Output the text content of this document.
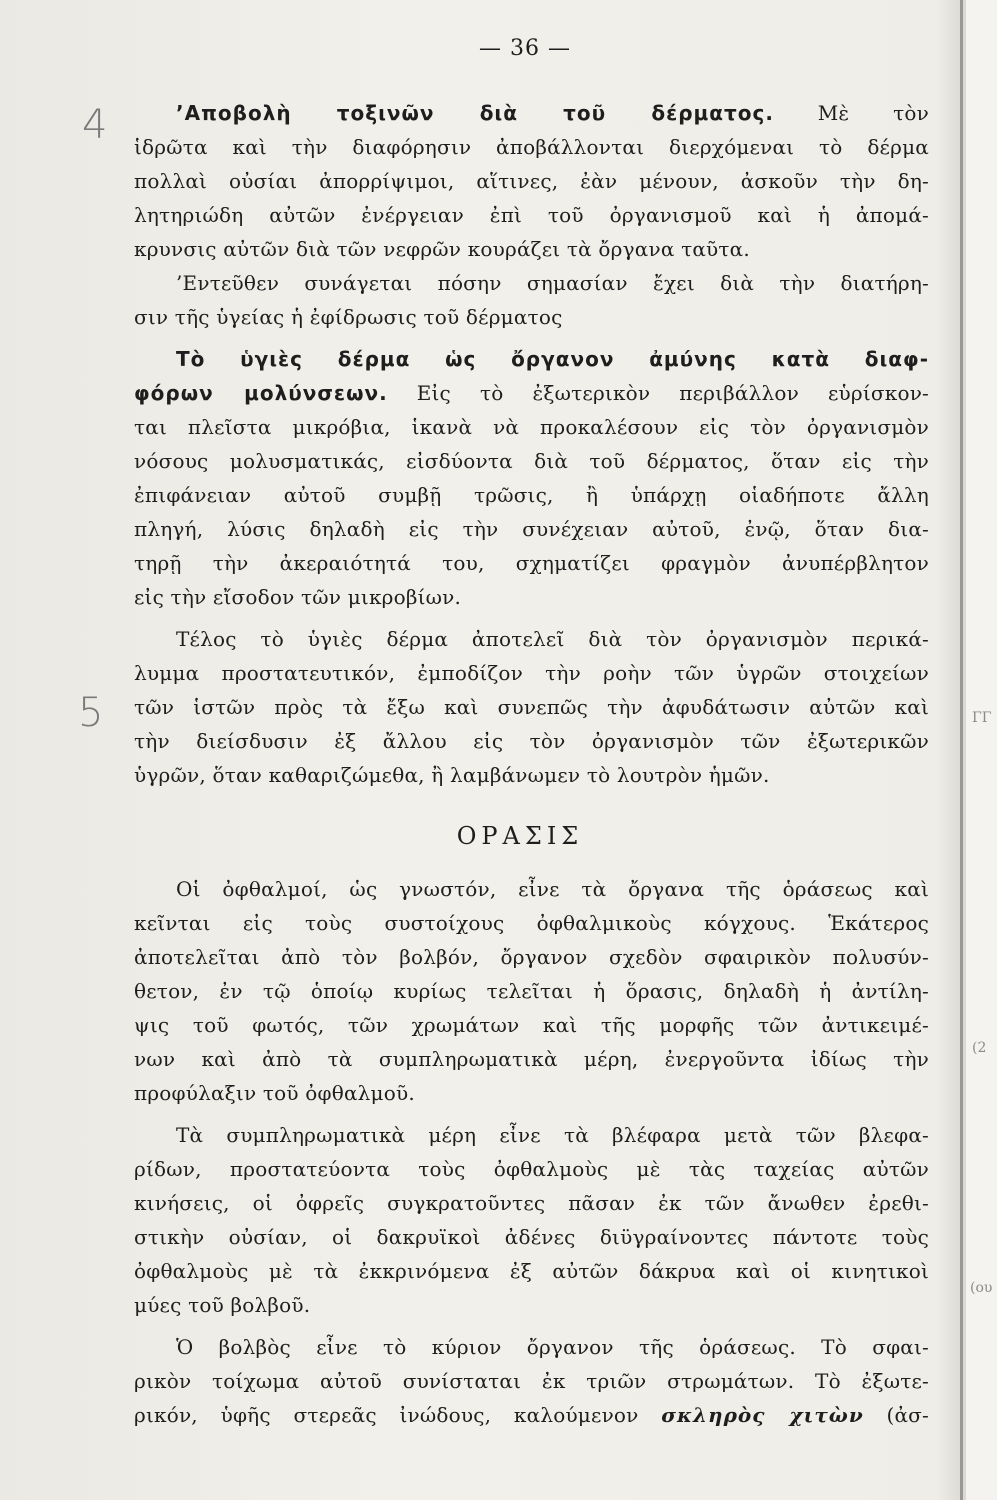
(2
ΓΓ
(ου
— 36 —
4
5
’Αποβολὴ τοξινῶν διὰ τοῦ δέρματος. Μὲ τὸν
ἱδρῶτα καὶ τὴν διαφόρησιν ἀποβάλλονται διερχόμεναι τὸ δέρμα
πολλαὶ οὐσίαι ἀπορρίψιμοι, αἵτινες, ἐὰν μένουν, ἀσκοῦν τὴν δη-
λητηριώδη αὐτῶν ἐνέργειαν ἐπὶ τοῦ ὀργανισμοῦ καὶ ἡ ἀπομά-
κρυνσις αὐτῶν διὰ τῶν νεφρῶν κουράζει τὰ ὄργανα ταῦτα.
’Εντεῦθεν συνάγεται πόσην σημασίαν ἔχει διὰ τὴν διατήρη-
σιν τῆς ὑγείας ἡ ἐφίδρωσις τοῦ δέρματος
Τὸ ὑγιὲς δέρμα ὡς ὄργανον ἀμύνης κατὰ διαφ-
φόρων μολύνσεων. Εἰς τὸ ἐξωτερικὸν περιβάλλον εὑρίσκον-
ται πλεῖστα μικρόβια, ἱκανὰ νὰ προκαλέσουν εἰς τὸν ὀργανισμὸν
νόσους μολυσματικάς, εἰσδύοντα διὰ τοῦ δέρματος, ὅταν εἰς τὴν
ἐπιφάνειαν αὐτοῦ συμβῇ τρῶσις, ἢ ὑπάρχῃ οἱαδήποτε ἄλλη
πληγή, λύσις δηλαδὴ εἰς τὴν συνέχειαν αὐτοῦ, ἐνῷ, ὅταν δια-
τηρῇ τὴν ἀκεραιότητά του, σχηματίζει φραγμὸν ἀνυπέρβλητον
εἰς τὴν εἴσοδον τῶν μικροβίων.
Τέλος τὸ ὑγιὲς δέρμα ἀποτελεῖ διὰ τὸν ὀργανισμὸν περικά-
λυμμα προστατευτικόν, ἐμποδίζον τὴν ροὴν τῶν ὑγρῶν στοιχείων
τῶν ἱστῶν πρὸς τὰ ἔξω καὶ συνεπῶς τὴν ἀφυδάτωσιν αὐτῶν καὶ
τὴν διείσδυσιν ἐξ ἄλλου εἰς τὸν ὀργανισμὸν τῶν ἐξωτερικῶν
ὑγρῶν, ὅταν καθαριζώμεθα, ἢ λαμβάνωμεν τὸ λουτρὸν ἡμῶν.
ΟΡΑΣΙΣ
Οἱ ὀφθαλμοί, ὡς γνωστόν, εἶνε τὰ ὄργανα τῆς ὁράσεως καὶ
κεῖνται εἰς τοὺς συστοίχους ὀφθαλμικοὺς κόγχους. Ἑκάτερος
ἀποτελεῖται ἀπὸ τὸν βολβόν, ὄργανον σχεδὸν σφαιρικὸν πολυσύν-
θετον, ἐν τῷ ὁποίῳ κυρίως τελεῖται ἡ ὅρασις, δηλαδὴ ἡ ἀντίλη-
ψις τοῦ φωτός, τῶν χρωμάτων καὶ τῆς μορφῆς τῶν ἀντικειμέ-
νων καὶ ἀπὸ τὰ συμπληρωματικὰ μέρη, ἐνεργοῦντα ἰδίως τὴν
προφύλαξιν τοῦ ὀφθαλμοῦ.
Τὰ συμπληρωματικὰ μέρη εἶνε τὰ βλέφαρα μετὰ τῶν βλεφα-
ρίδων, προστατεύοντα τοὺς ὀφθαλμοὺς μὲ τὰς ταχείας αὐτῶν
κινήσεις, οἱ ὀφρεῖς συγκρατοῦντες πᾶσαν ἐκ τῶν ἄνωθεν ἐρεθι-
στικὴν οὐσίαν, οἱ δακρυϊκοὶ ἀδένες διϋγραίνοντες πάντοτε τοὺς
ὀφθαλμοὺς μὲ τὰ ἐκκρινόμενα ἐξ αὐτῶν δάκρυα καὶ οἱ κινητικοὶ
μύες τοῦ βολβοῦ.
Ὁ βολβὸς εἶνε τὸ κύριον ὄργανον τῆς ὁράσεως. Τὸ σφαι-
ρικὸν τοίχωμα αὐτοῦ συνίσταται ἐκ τριῶν στρωμάτων. Τὸ ἐξωτε-
ρικόν, ὑφῆς στερεᾶς ἰνώδους, καλούμενον σκληρὸς χιτὼν (ἀσ-
